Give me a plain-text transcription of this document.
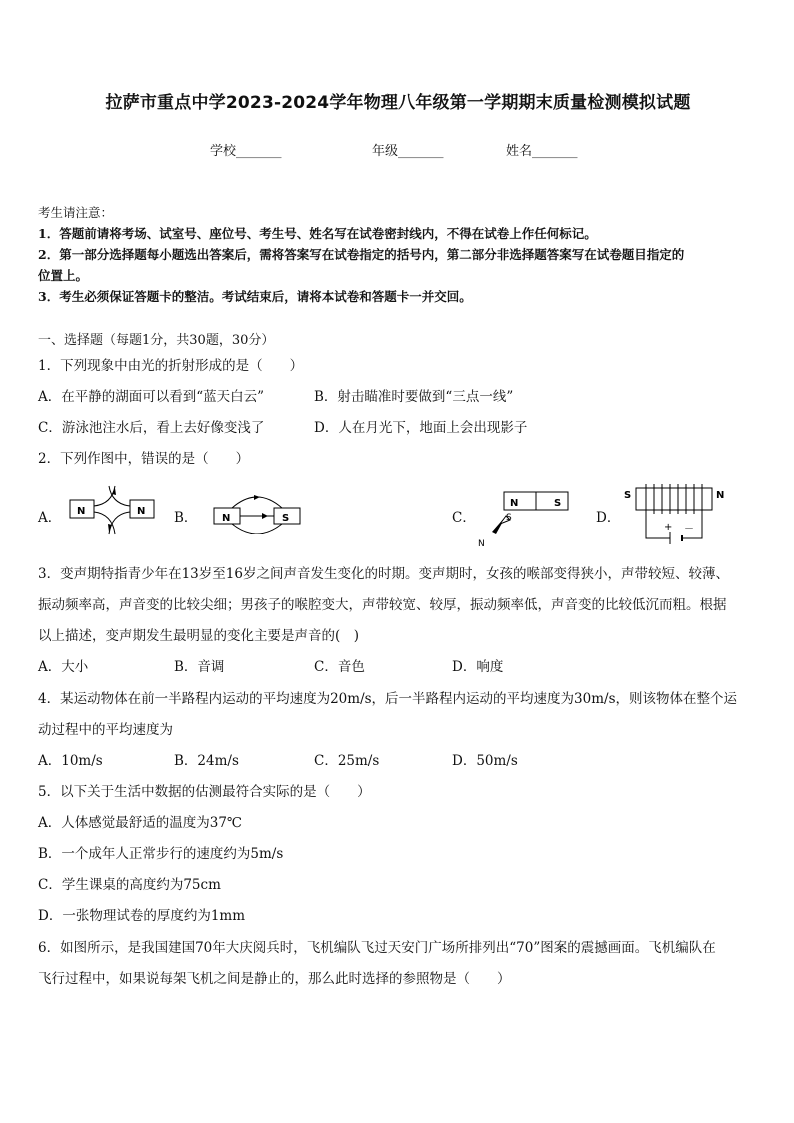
拉萨市重点中学2023-2024学年物理八年级第一学期期末质量检测模拟试题
学校_______	年级_______	姓名_______
考生请注意：
1．答题前请将考场、试室号、座位号、考生号、姓名写在试卷密封线内，不得在试卷上作任何标记。
2．第一部分选择题每小题选出答案后，需将答案写在试卷指定的括号内，第二部分非选择题答案写在试卷题目指定的
位置上。
3．考生必须保证答题卡的整洁。考试结束后，请将本试卷和答题卡一并交回。
一、选择题（每题1分，共30题，30分）
1．下列现象中由光的折射形成的是（　　）
A．在平静的湖面可以看到“蓝天白云”	B．射击瞄准时要做到“三点一线”
C．游泳池注水后，看上去好像变浅了	D．人在月光下，地面上会出现影子
2．下列作图中，错误的是（　　）
A． N	N B． N	S	C．
N	S
S
N
D．
S	N
+ －
3．变声期特指青少年在13岁至16岁之间声音发生变化的时期。变声期时，女孩的喉部变得狭小，声带较短、较薄、
振动频率高，声音变的比较尖细；男孩子的喉腔变大，声带较宽、较厚，振动频率低，声音变的比较低沉而粗。根据
以上描述，变声期发生最明显的变化主要是声音的(　)
A．大小	B．音调	C．音色	D．响度
4．某运动物体在前一半路程内运动的平均速度为20m/s，后一半路程内运动的平均速度为30m/s，则该物体在整个运
动过程中的平均速度为
A．10m/s	B．24m/s	C．25m/s	D．50m/s
5．以下关于生活中数据的估测最符合实际的是（　　）
A．人体感觉最舒适的温度为37℃
B．一个成年人正常步行的速度约为5m/s
C．学生课桌的高度约为75cm
D．一张物理试卷的厚度约为1mm
6．如图所示，是我国建国70年大庆阅兵时，飞机编队飞过天安门广场所排列出“70”图案的震撼画面。飞机编队在
飞行过程中，如果说每架飞机之间是静止的，那么此时选择的参照物是（　　）
